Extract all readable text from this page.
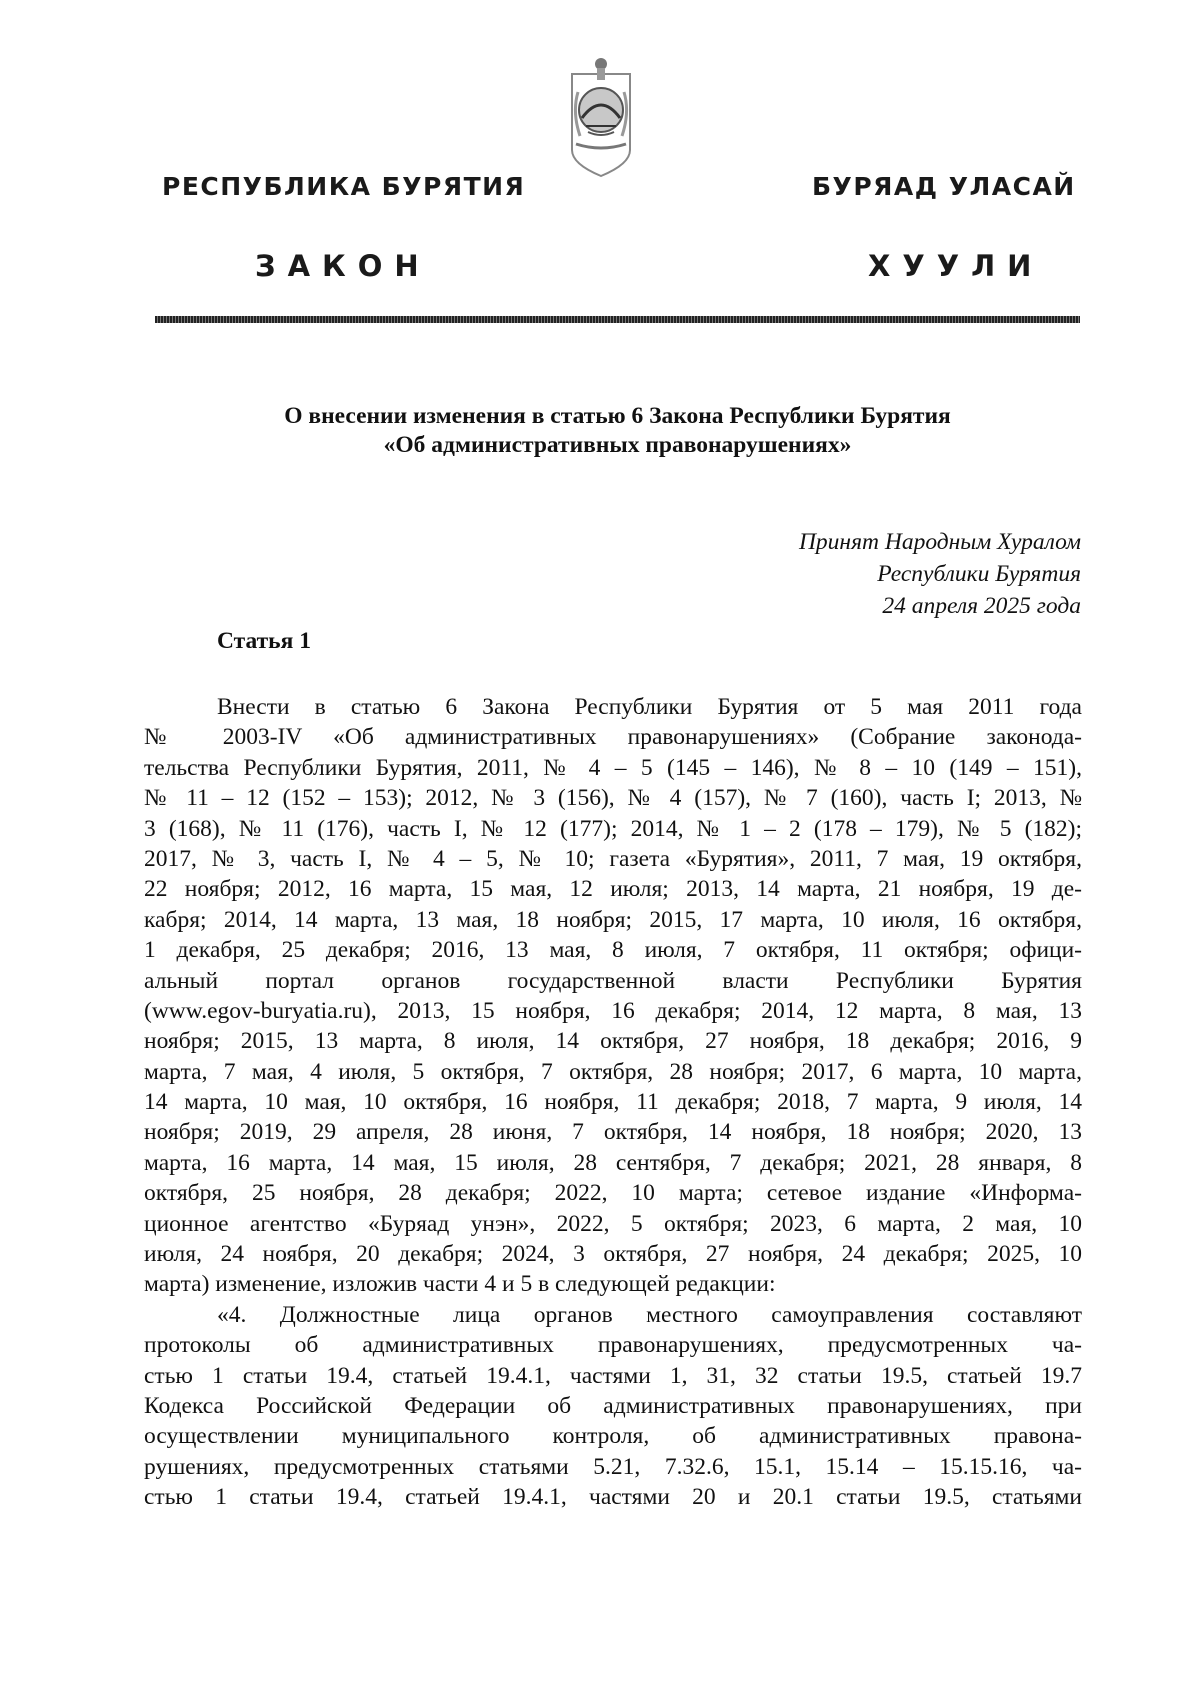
РЕСПУБЛИКА БУРЯТИЯ	БУРЯАД УЛАСАЙ
ЗАКОН	ХУУЛИ
О внесении изменения в статью 6 Закона Республики Бурятия
«Об административных правонарушениях»
Принят Народным Хуралом
Республики Бурятия
24 апреля 2025 года
Статья 1
Внести в статью 6 Закона Республики Бурятия от 5 мая 2011 года
№ 2003-IV «Об административных правонарушениях» (Собрание законода-
тельства Республики Бурятия, 2011, № 4 – 5 (145 – 146), № 8 – 10 (149 – 151),
№ 11 – 12 (152 – 153); 2012, № 3 (156), № 4 (157), № 7 (160), часть I; 2013, №
3 (168), № 11 (176), часть I, № 12 (177); 2014, № 1 – 2 (178 – 179), № 5 (182);
2017, № 3, часть I, № 4 – 5, № 10; газета «Бурятия», 2011, 7 мая, 19 октября,
22 ноября; 2012, 16 марта, 15 мая, 12 июля; 2013, 14 марта, 21 ноября, 19 де-
кабря; 2014, 14 марта, 13 мая, 18 ноября; 2015, 17 марта, 10 июля, 16 октября,
1 декабря, 25 декабря; 2016, 13 мая, 8 июля, 7 октября, 11 октября; офици-
альный портал органов государственной власти Республики Бурятия
(www.egov-buryatia.ru), 2013, 15 ноября, 16 декабря; 2014, 12 марта, 8 мая, 13
ноября; 2015, 13 марта, 8 июля, 14 октября, 27 ноября, 18 декабря; 2016, 9
марта, 7 мая, 4 июля, 5 октября, 7 октября, 28 ноября; 2017, 6 марта, 10 марта,
14 марта, 10 мая, 10 октября, 16 ноября, 11 декабря; 2018, 7 марта, 9 июля, 14
ноября; 2019, 29 апреля, 28 июня, 7 октября, 14 ноября, 18 ноября; 2020, 13
марта, 16 марта, 14 мая, 15 июля, 28 сентября, 7 декабря; 2021, 28 января, 8
октября, 25 ноября, 28 декабря; 2022, 10 марта; сетевое издание «Информа-
ционное агентство «Буряад унэн», 2022, 5 октября; 2023, 6 марта, 2 мая, 10
июля, 24 ноября, 20 декабря; 2024, 3 октября, 27 ноября, 24 декабря; 2025, 10
марта) изменение, изложив части 4 и 5 в следующей редакции:
«4. Должностные лица органов местного самоуправления составляют
протоколы об административных правонарушениях, предусмотренных ча-
стью 1 статьи 19.4, статьей 19.4.1, частями 1, 31, 32 статьи 19.5, статьей 19.7
Кодекса Российской Федерации об административных правонарушениях, при
осуществлении муниципального контроля, об административных правона-
рушениях, предусмотренных статьями 5.21, 7.32.6, 15.1, 15.14 – 15.15.16, ча-
стью 1 статьи 19.4, статьей 19.4.1, частями 20 и 20.1 статьи 19.5, статьями
